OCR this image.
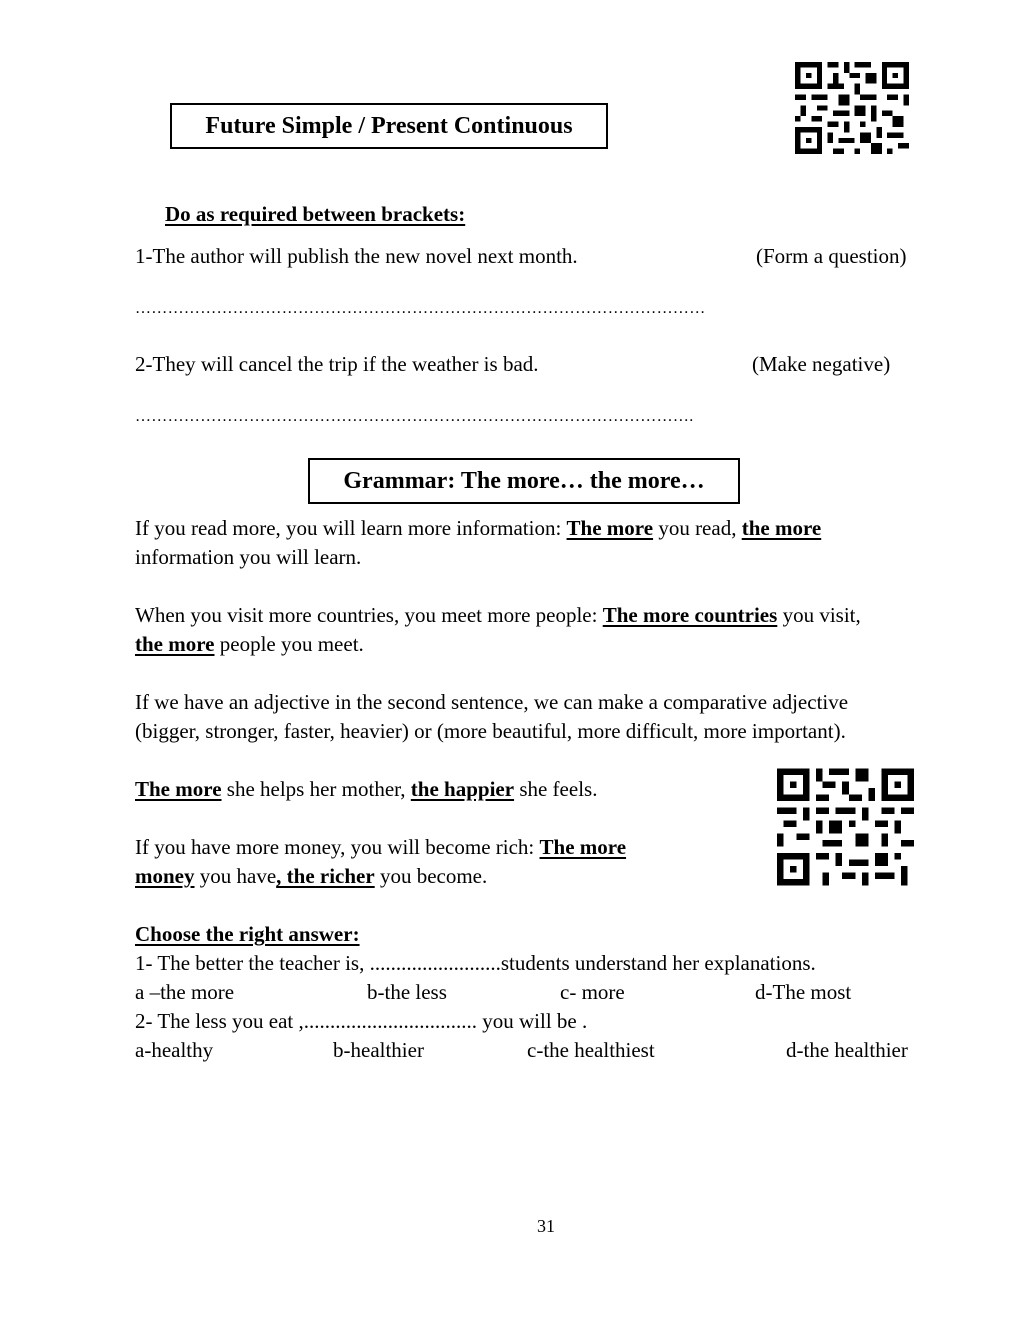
Future Simple / Present Continuous
Do as required between brackets:
1-The author will publish the new novel next month.	(Form a question)
……………………………………………………………………………………………
2-They will cancel the trip if the weather is bad.	(Make negative)
………………………………………………………………………………………….
Grammar: The more… the more…
If you read more, you will learn more information: The more you read, the more
information you will learn.
When you visit more countries, you meet more people: The more countries you visit,
the more people you meet.
If we have an adjective in the second sentence, we can make a comparative adjective
(bigger, stronger, faster, heavier) or (more beautiful, more difficult, more important).
The more she helps her mother, the happier she feels.
If you have more money, you will become rich: The more
money you have, the richer you become.
Choose the right answer:
1- The better the teacher is, .........................students understand her explanations.
a –the more	b-the less	c- more	d-The most
2- The less you eat ,................................. you will be .
a-healthy	b-healthier	c-the healthiest	d-the healthier
31
